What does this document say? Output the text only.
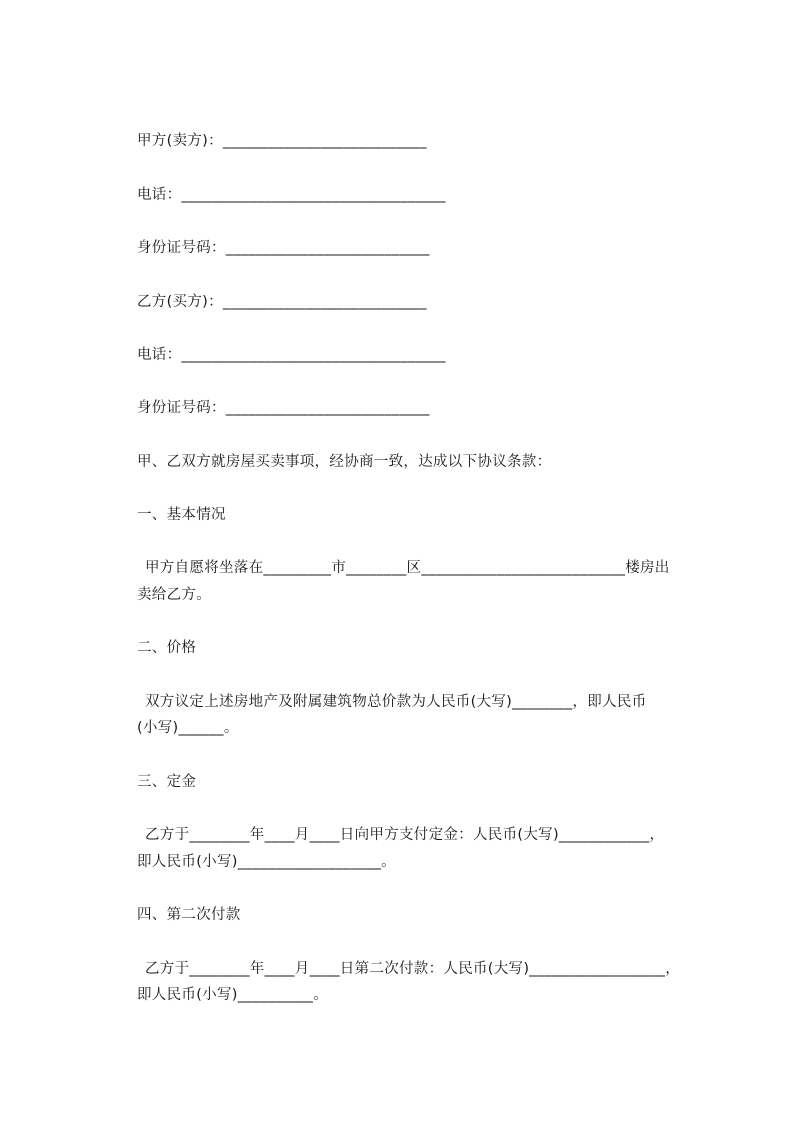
甲方(卖方)：___________________________
电话：___________________________________
身份证号码：___________________________
乙方(买方)：___________________________
电话：___________________________________
身份证号码：___________________________
甲、乙双方就房屋买卖事项，经协商一致，达成以下协议条款：
一、基本情况
甲方自愿将坐落在_________市________区___________________________楼房出
卖给乙方。
二、价格
双方议定上述房地产及附属建筑物总价款为人民币(大写)________，即人民币
(小写)______。
三、定金
乙方于________年____月____日向甲方支付定金：人民币(大写)____________，
即人民币(小写)___________________。
四、第二次付款
乙方于________年____月____日第二次付款：人民币(大写)__________________，
即人民币(小写)__________。
